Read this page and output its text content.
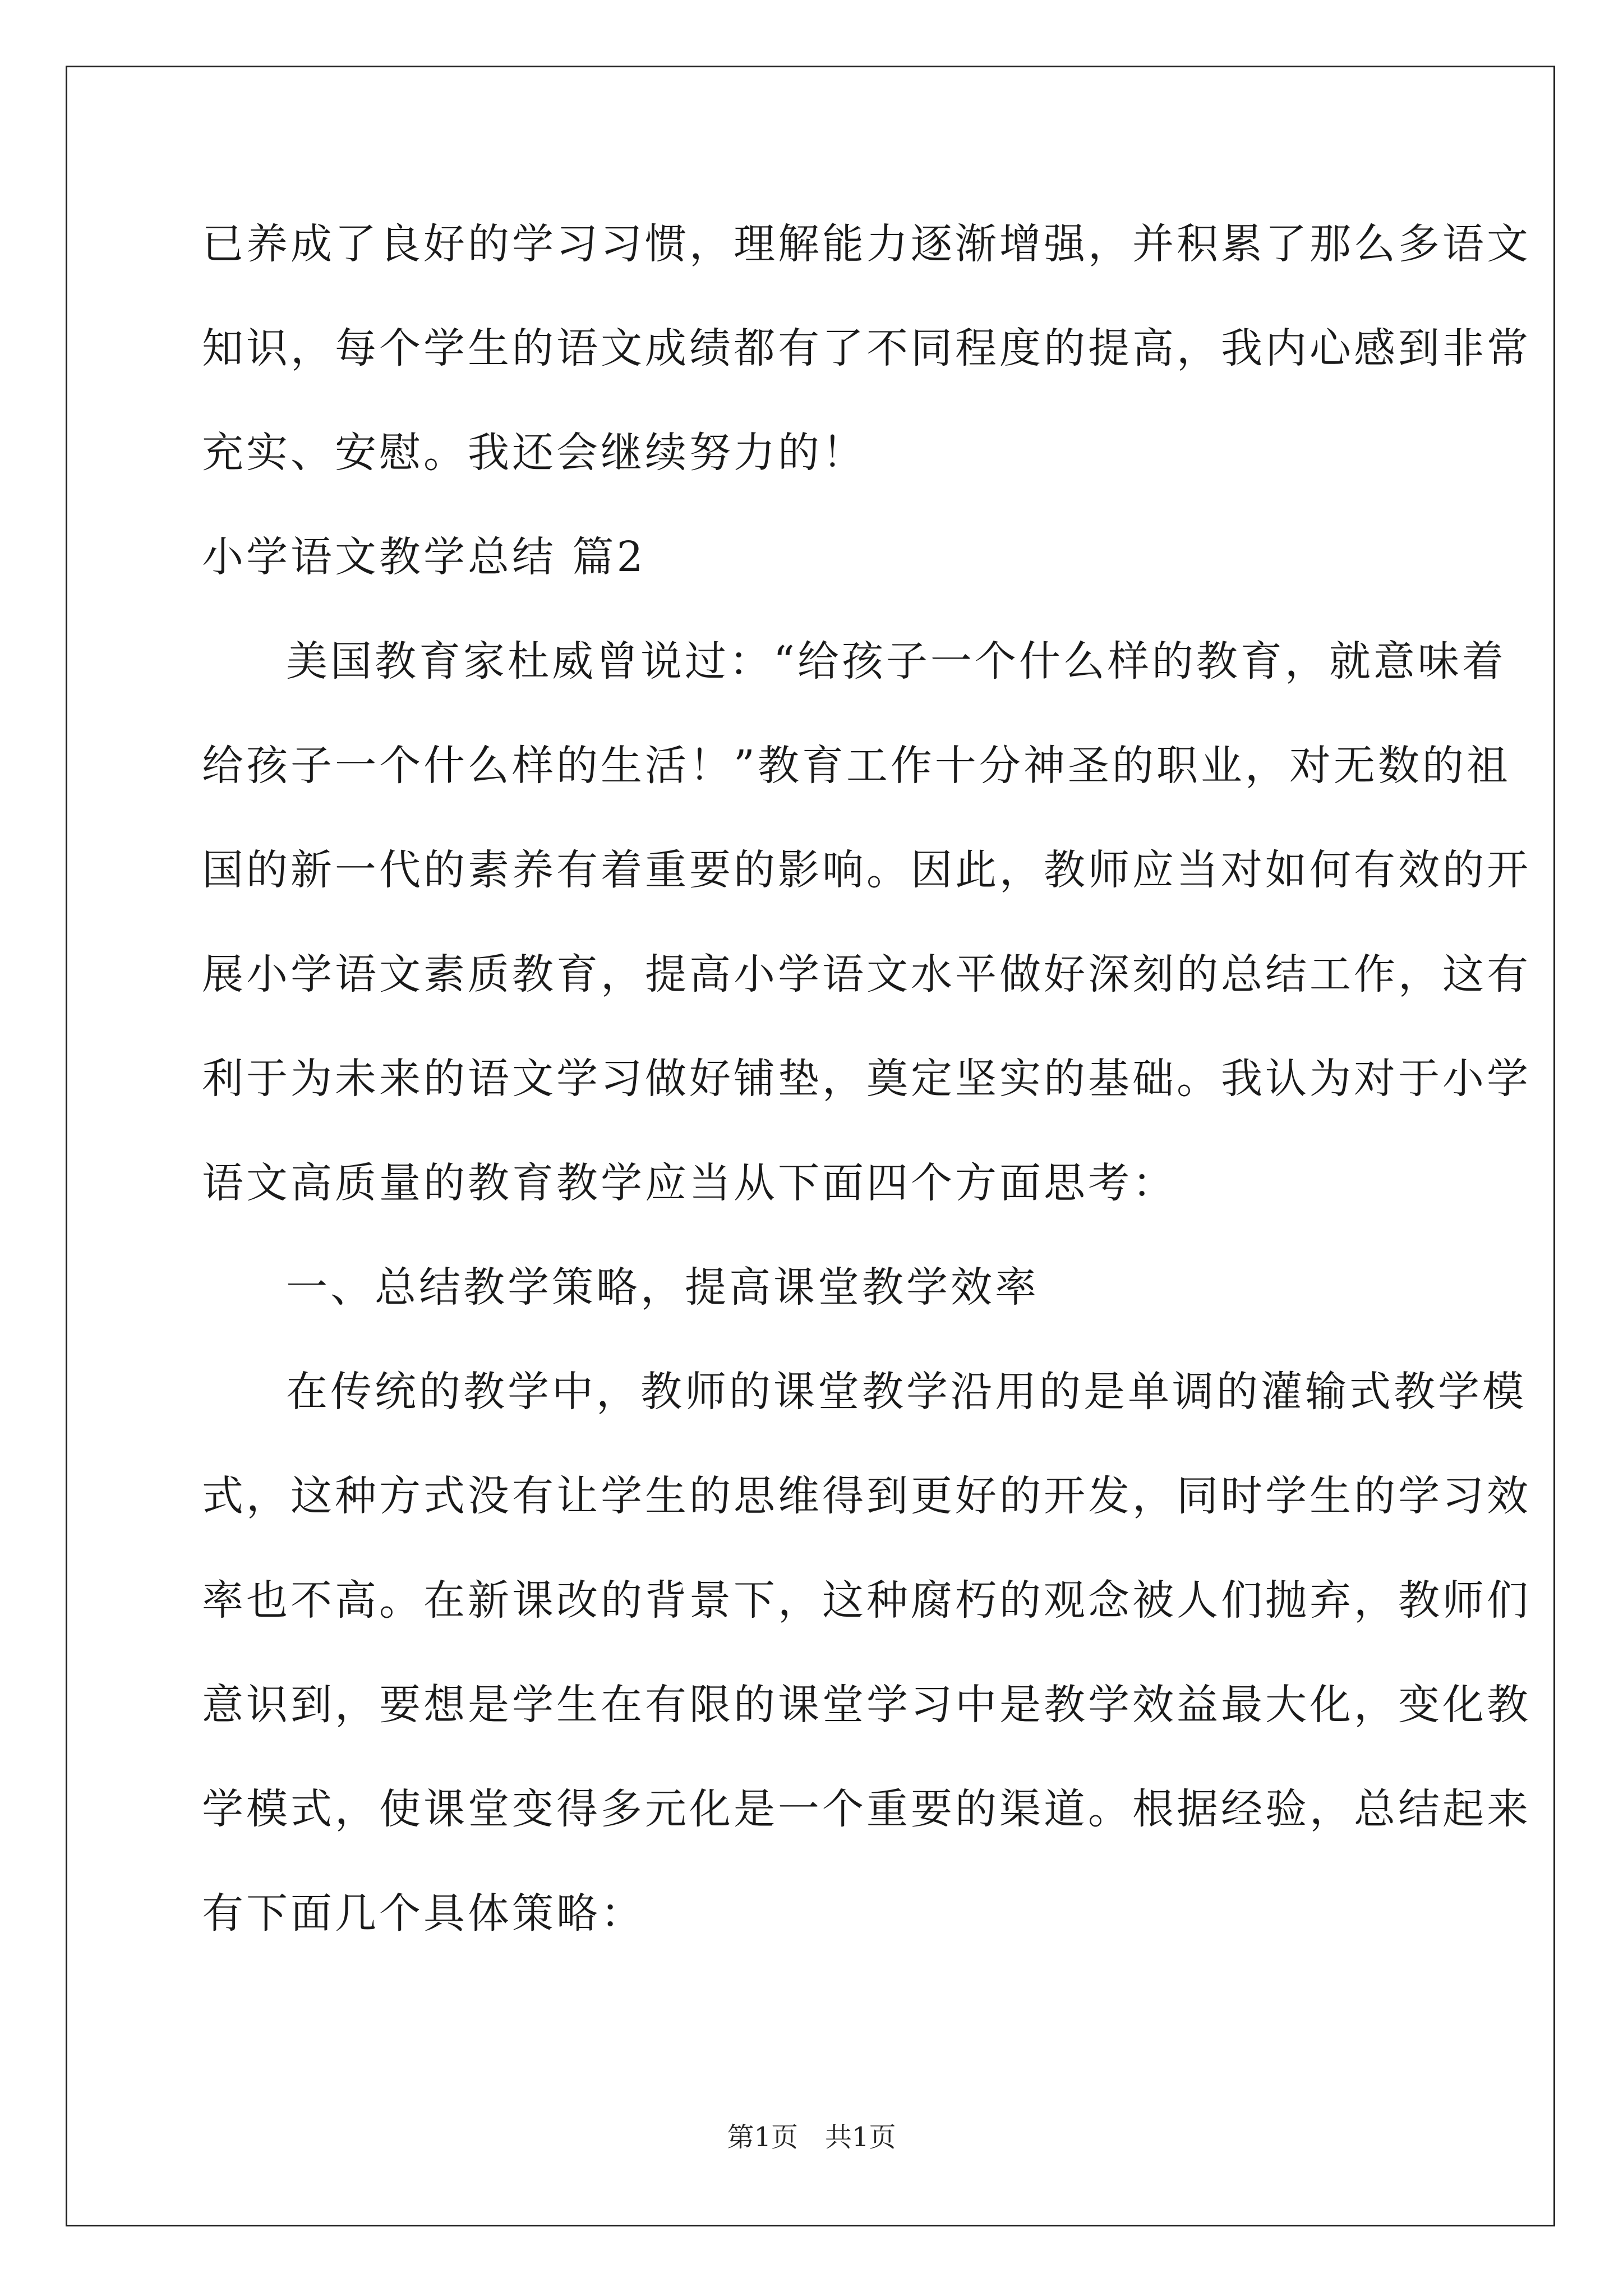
已养成了良好的学习习惯，理解能力逐渐增强，并积累了那么多语文
知识，每个学生的语文成绩都有了不同程度的提高，我内心感到非常
充实、安慰。我还会继续努力的！
小学语文教学总结 篇2
美国教育家杜威曾说过：“给孩子一个什么样的教育，就意味着
给孩子一个什么样的生活！”教育工作十分神圣的职业，对无数的祖
国的新一代的素养有着重要的影响。因此，教师应当对如何有效的开
展小学语文素质教育，提高小学语文水平做好深刻的总结工作，这有
利于为未来的语文学习做好铺垫，奠定坚实的基础。我认为对于小学
语文高质量的教育教学应当从下面四个方面思考：
一、总结教学策略，提高课堂教学效率
在传统的教学中，教师的课堂教学沿用的是单调的灌输式教学模
式，这种方式没有让学生的思维得到更好的开发，同时学生的学习效
率也不高。在新课改的背景下，这种腐朽的观念被人们抛弃，教师们
意识到，要想是学生在有限的课堂学习中是教学效益最大化，变化教
学模式，使课堂变得多元化是一个重要的渠道。根据经验，总结起来
有下面几个具体策略：
第1页　共1页
